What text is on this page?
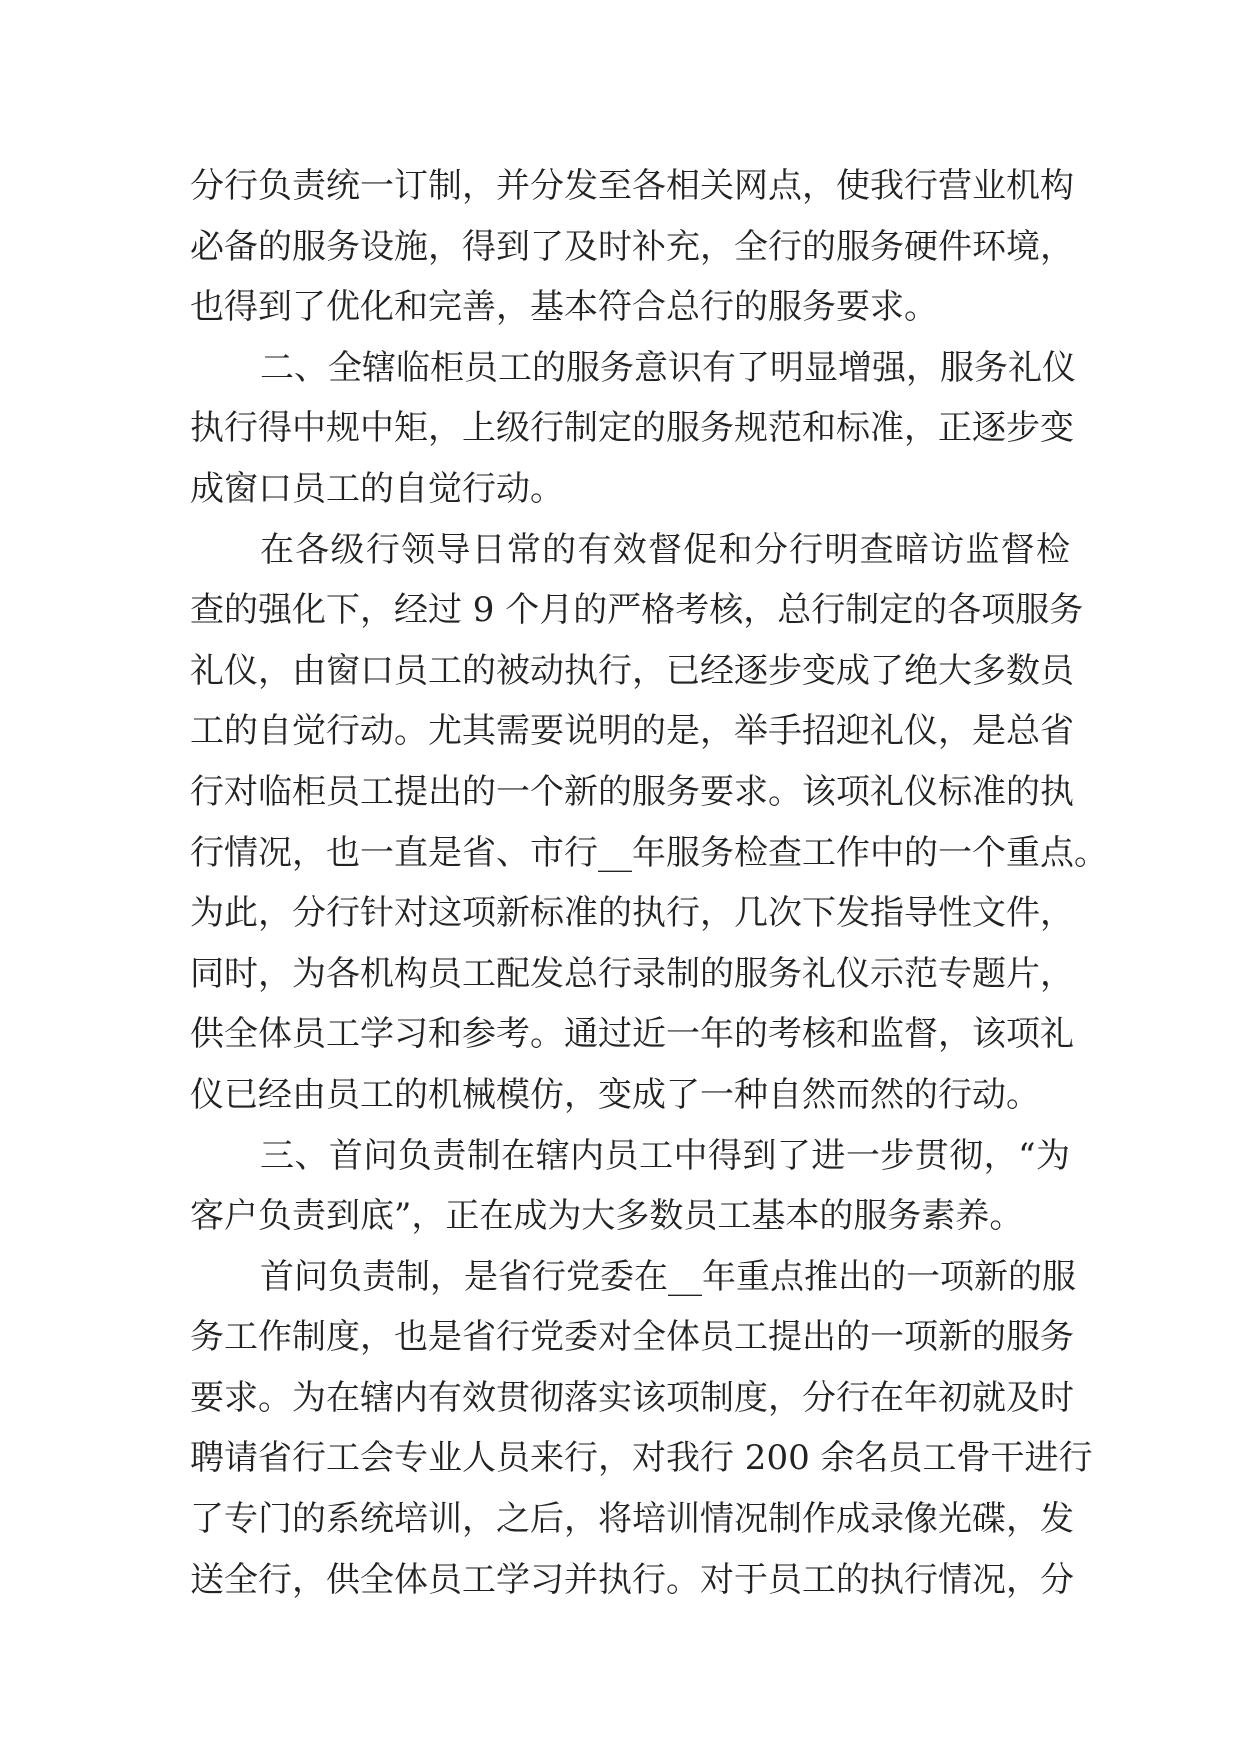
分行负责统一订制，并分发至各相关网点，使我行营业机构
必备的服务设施，得到了及时补充，全行的服务硬件环境，
也得到了优化和完善，基本符合总行的服务要求。
二、全辖临柜员工的服务意识有了明显增强，服务礼仪
执行得中规中矩，上级行制定的服务规范和标准，正逐步变
成窗口员工的自觉行动。
在各级行领导日常的有效督促和分行明查暗访监督检
查的强化下，经过 9 个月的严格考核，总行制定的各项服务
礼仪，由窗口员工的被动执行，已经逐步变成了绝大多数员
工的自觉行动。尤其需要说明的是，举手招迎礼仪，是总省
行对临柜员工提出的一个新的服务要求。该项礼仪标准的执
行情况，也一直是省、市行__年服务检查工作中的一个重点。
为此，分行针对这项新标准的执行，几次下发指导性文件，
同时，为各机构员工配发总行录制的服务礼仪示范专题片，
供全体员工学习和参考。通过近一年的考核和监督，该项礼
仪已经由员工的机械模仿，变成了一种自然而然的行动。
三、首问负责制在辖内员工中得到了进一步贯彻，“为
客户负责到底”，正在成为大多数员工基本的服务素养。
首问负责制，是省行党委在__年重点推出的一项新的服
务工作制度，也是省行党委对全体员工提出的一项新的服务
要求。为在辖内有效贯彻落实该项制度，分行在年初就及时
聘请省行工会专业人员来行，对我行 200 余名员工骨干进行
了专门的系统培训，之后，将培训情况制作成录像光碟，发
送全行，供全体员工学习并执行。对于员工的执行情况，分
